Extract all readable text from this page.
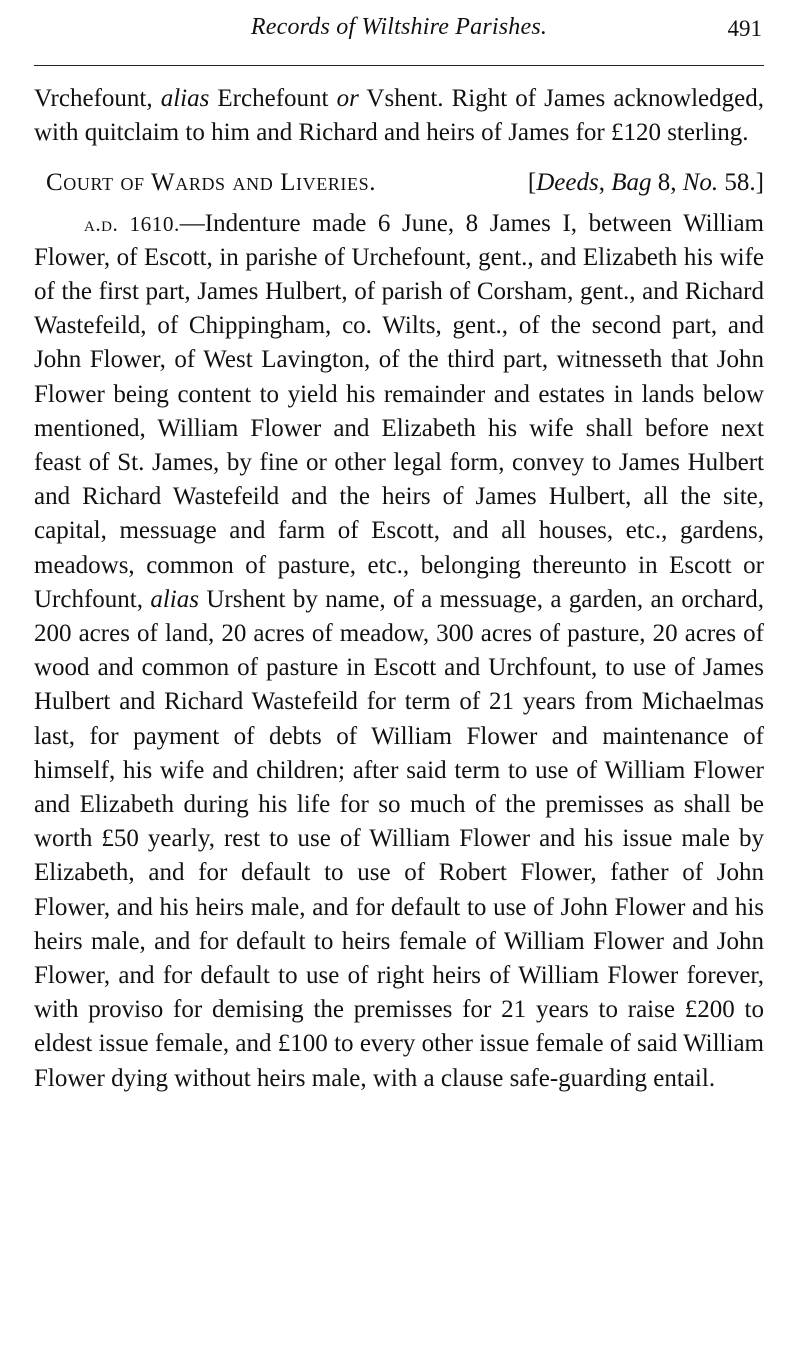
Records of Wiltshire Parishes.	491

Vrchefount, alias Erchefount or Vshent. Right of James acknowledged, with quitclaim to him and Richard and heirs of James for £120 sterling.

Court of Wards and Liveries.	[Deeds, Bag 8, No. 58.]

a.d. 1610.—Indenture made 6 June, 8 James I, between William Flower, of Escott, in parishe of Urchefount, gent., and Elizabeth his wife of the first part, James Hulbert, of parish of Corsham, gent., and Richard Wastefeild, of Chippingham, co. Wilts, gent., of the second part, and John Flower, of West Lavington, of the third part, witnesseth that John Flower being content to yield his remainder and estates in lands below mentioned, William Flower and Elizabeth his wife shall before next feast of St. James, by fine or other legal form, convey to James Hulbert and Richard Wastefeild and the heirs of James Hulbert, all the site, capital, messuage and farm of Escott, and all houses, etc., gardens, meadows, common of pasture, etc., belonging thereunto in Escott or Urchfount, alias Urshent by name, of a messuage, a garden, an orchard, 200 acres of land, 20 acres of meadow, 300 acres of pasture, 20 acres of wood and common of pasture in Escott and Urchfount, to use of James Hulbert and Richard Wastefeild for term of 21 years from Michaelmas last, for payment of debts of William Flower and maintenance of himself, his wife and children; after said term to use of William Flower and Elizabeth during his life for so much of the premisses as shall be worth £50 yearly, rest to use of William Flower and his issue male by Elizabeth, and for default to use of Robert Flower, father of John Flower, and his heirs male, and for default to use of John Flower and his heirs male, and for default to heirs female of William Flower and John Flower, and for default to use of right heirs of William Flower forever, with proviso for demising the premisses for 21 years to raise £200 to eldest issue female, and £100 to every other issue female of said William Flower dying without heirs male, with a clause safe-guarding entail.
